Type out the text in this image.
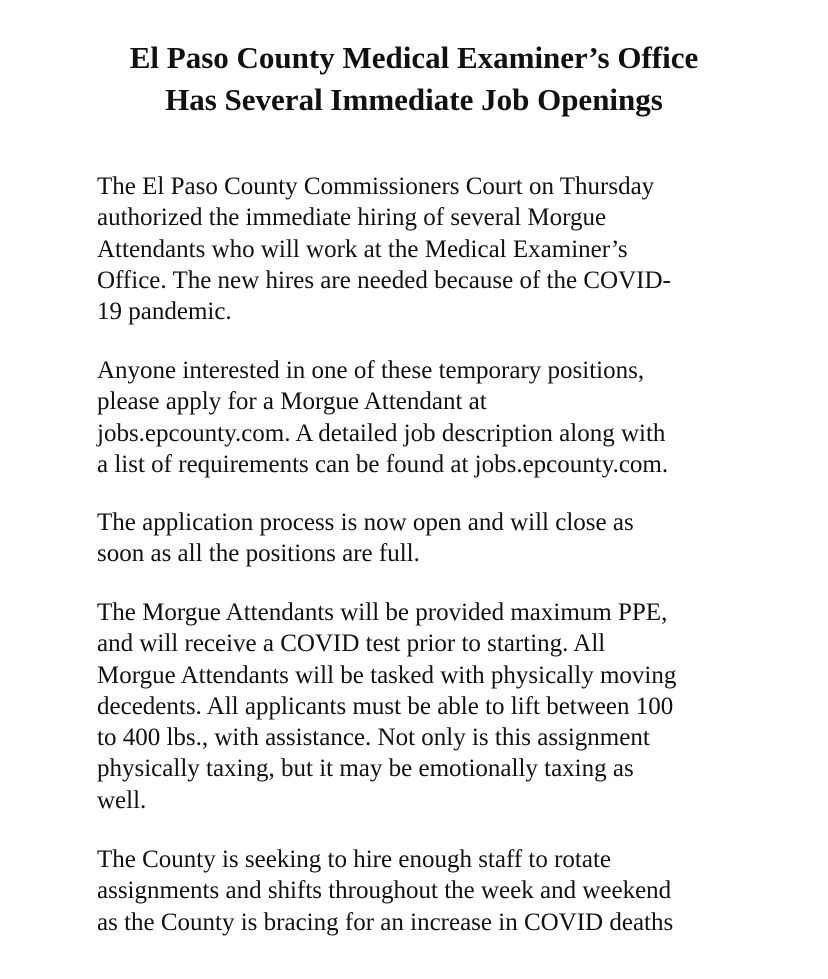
El Paso County Medical Examiner’s Office
Has Several Immediate Job Openings

The El Paso County Commissioners Court on Thursday
authorized the immediate hiring of several Morgue
Attendants who will work at the Medical Examiner’s
Office. The new hires are needed because of the COVID-
19 pandemic.

Anyone interested in one of these temporary positions,
please apply for a Morgue Attendant at
jobs.epcounty.com. A detailed job description along with
a list of requirements can be found at jobs.epcounty.com.

The application process is now open and will close as
soon as all the positions are full.

The Morgue Attendants will be provided maximum PPE,
and will receive a COVID test prior to starting. All
Morgue Attendants will be tasked with physically moving
decedents. All applicants must be able to lift between 100
to 400 lbs., with assistance. Not only is this assignment
physically taxing, but it may be emotionally taxing as
well.

The County is seeking to hire enough staff to rotate
assignments and shifts throughout the week and weekend
as the County is bracing for an increase in COVID deaths
